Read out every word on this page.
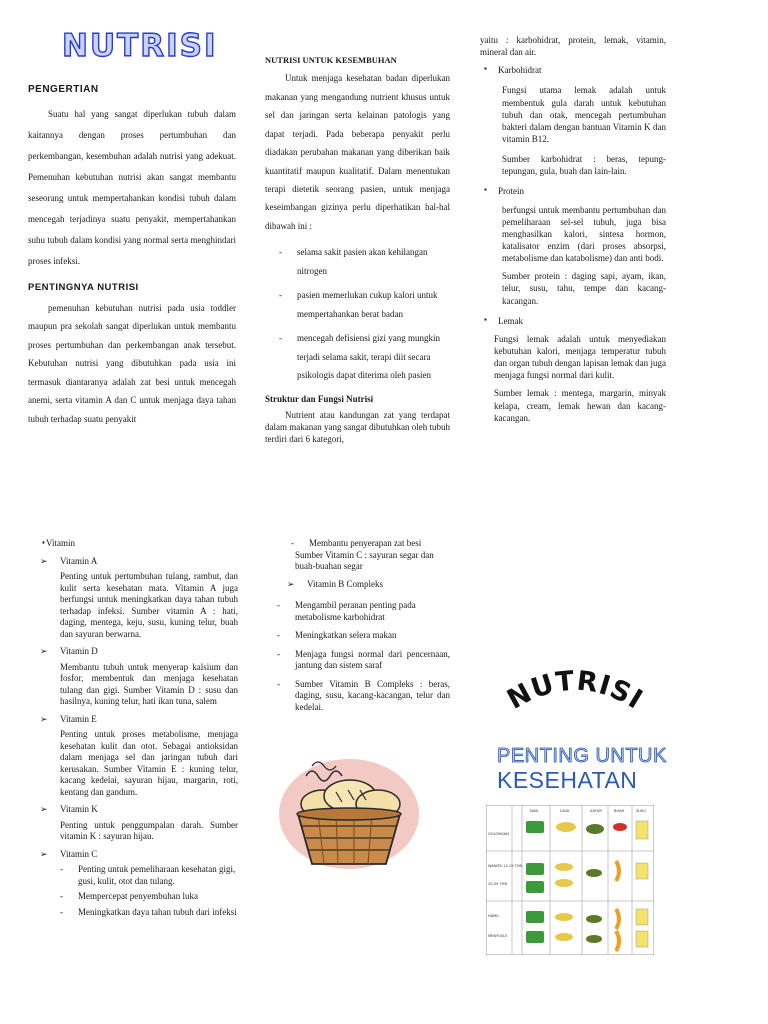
NUTRISI
PENGERTIAN

Suatu hal yang sangat diperlukan tubuh dalam kaitannya dengan proses pertumbuhan dan perkembangan, kesembuhan adalah nutrisi yang adekuat. Pemenuhan kebutuhan nutrisi akan sangat membantu seseorang untuk mempertahankan kondisi tubuh dalam mencegah terjadinya suatu penyakit, mempertahankan suhu tubuh dalam kondisi yang normal serta menghindari proses infeksi.

PENTINGNYA NUTRISI

pemenuhan kebutuhan nutrisi pada usia toddler maupun pra sekolah sangat diperlukan untuk membantu proses pertumbuhan dan perkembangan anak tersebut. Kebutuhan nutrisi yang dibutuhkan pada usia ini termasuk diantaranya adalah zat besi untuk mencegah anemi, serta vitamin A dan C untuk menjaga daya tahan tubuh terhadap suatu penyakit

NUTRISI UNTUK KESEMBUHAN

Untuk menjaga kesehatan badan diperlukan makanan yang mengandung nutrient khusus untuk sel dan jaringan serta kelainan patologis yang dapat terjadi. Pada beberapa penyakit perlu diadakan perubahan makanan yang diberikan baik kuantitatif maupun kualitatif. Dalam menentukan terapi dietetik seorang pasien, untuk menjaga keseimbangan gizinya perlu diperhatikan hal-hal dibawah ini :

- selama sakit pasien akan kehilangan nitrogen
- pasien memerlukan cukup kalori untuk mempertahankan berat badan
- mencegah defisiensi gizi yang mungkin terjadi selama sakit, terapi diit secara psikologis dapat diterima oleh pasien
Struktur dan Fungsi Nutrisi

Nutrient atau kandungan zat yang terdapat dalam makanan yang sangat dibutuhkan oleh tubuh terdiri dari 6 kategori,

yaitu : karbohidrat, protein, lemak, vitamin, mineral dan air.

▪ Karbohidrat

Fungsi utama lemak adalah untuk membentuk gula darah untuk kebutuhan tubuh dan otak, mencegah pertumbuhan bakteri dalam dengan bantuan Vitamin K dan vitamin B12.

Sumber karbohidrat : beras, tepung-tepungan, gula, buah dan lain-lain.

▪ Protein

berfungsi untuk membantu pertumbuhan dan pemeliharaan sel-sel tubuh, juga bisa menghasilkan kalori, sintesa hormon, katalisator enzim (dari proses absorpsi, metabolisme dan katabolisme) dan anti bodi.

Sumber protein : daging sapi, ayam, ikan, telur, susu, tahu, tempe dan kacang-kacangan.

▪ Lemak

Fungsi lemak adalah untuk menyediakan kebutuhan kalori, menjaga temperatur tubuh dan organ tubuh dengan lapisan lemak dan juga menjaga fungsi normal dari kulit.

Sumber lemak : mentega, margarin, minyak kelapa, cream, lemak hewan dan kacang-kacangan.

▪ Vitamin
➢ Vitamin A

Penting untuk pertumbuhan tulang, rambut, dan kulit serta kesehatan mata. Vitamin A juga berfungsi untuk meningkatkan daya tahan tubuh terhadap infeksi. Sumber vitamin A : hati, daging, mentega, keju, susu, kuning telur, buah dan sayuran berwarna.

➢ Vitamin D

Membantu tubuh untuk menyerap kalsium dan fosfor, membentuk dan menjaga kesehatan tulang dan gigi. Sumber Vitamin D : susu dan hasilnya, kuning telur, hati ikan tuna, salem

➢ Vitamin E

Penting untuk proses metabolisme, menjaga kesehatan kulit dan otot. Sebagai antioksidan dalam menjaga sel dan jaringan tubuh dari kerusakan. Sumber Vitamin E : kuning telur, kacang kedelai, sayuran hijau, margarin, roti, kentang dan gandum.

➢ Vitamin K

Penting untuk penggumpalan darah. Sumber vitamin K : sayuran hijau.

➢ Vitamin C
- Penting untuk pemeliharaan kesehatan gigi, gusi, kulit, otot dan tulang.
- Mempercepat penyembuhan luka
- Meningkatkan daya tahan tubuh dari infeksi
- Membantu penyerapan zat besi

Sumber Vitamin C : sayuran segar dan buah-buahan segar

➢ Vitamin B Compleks
- Mengambil peranan penting pada metabolisme karbohidrat
- Meningkatkan selera makan
- Menjaga fungsi normal dari pencernaan, jantung dan sistem saraf
- Sumber Vitamin B Compleks : beras, daging, susu, kacang-kacangan, telur dan kedelai.	NUTRISI
PENTING UNTUK
KESEHATAN
NASI	LAUK	SAYUR	BUAH	SUSU
GOLONGAN
WANITA 13-19 THN
20-59 THN
HAMIL
MENYUSUI
